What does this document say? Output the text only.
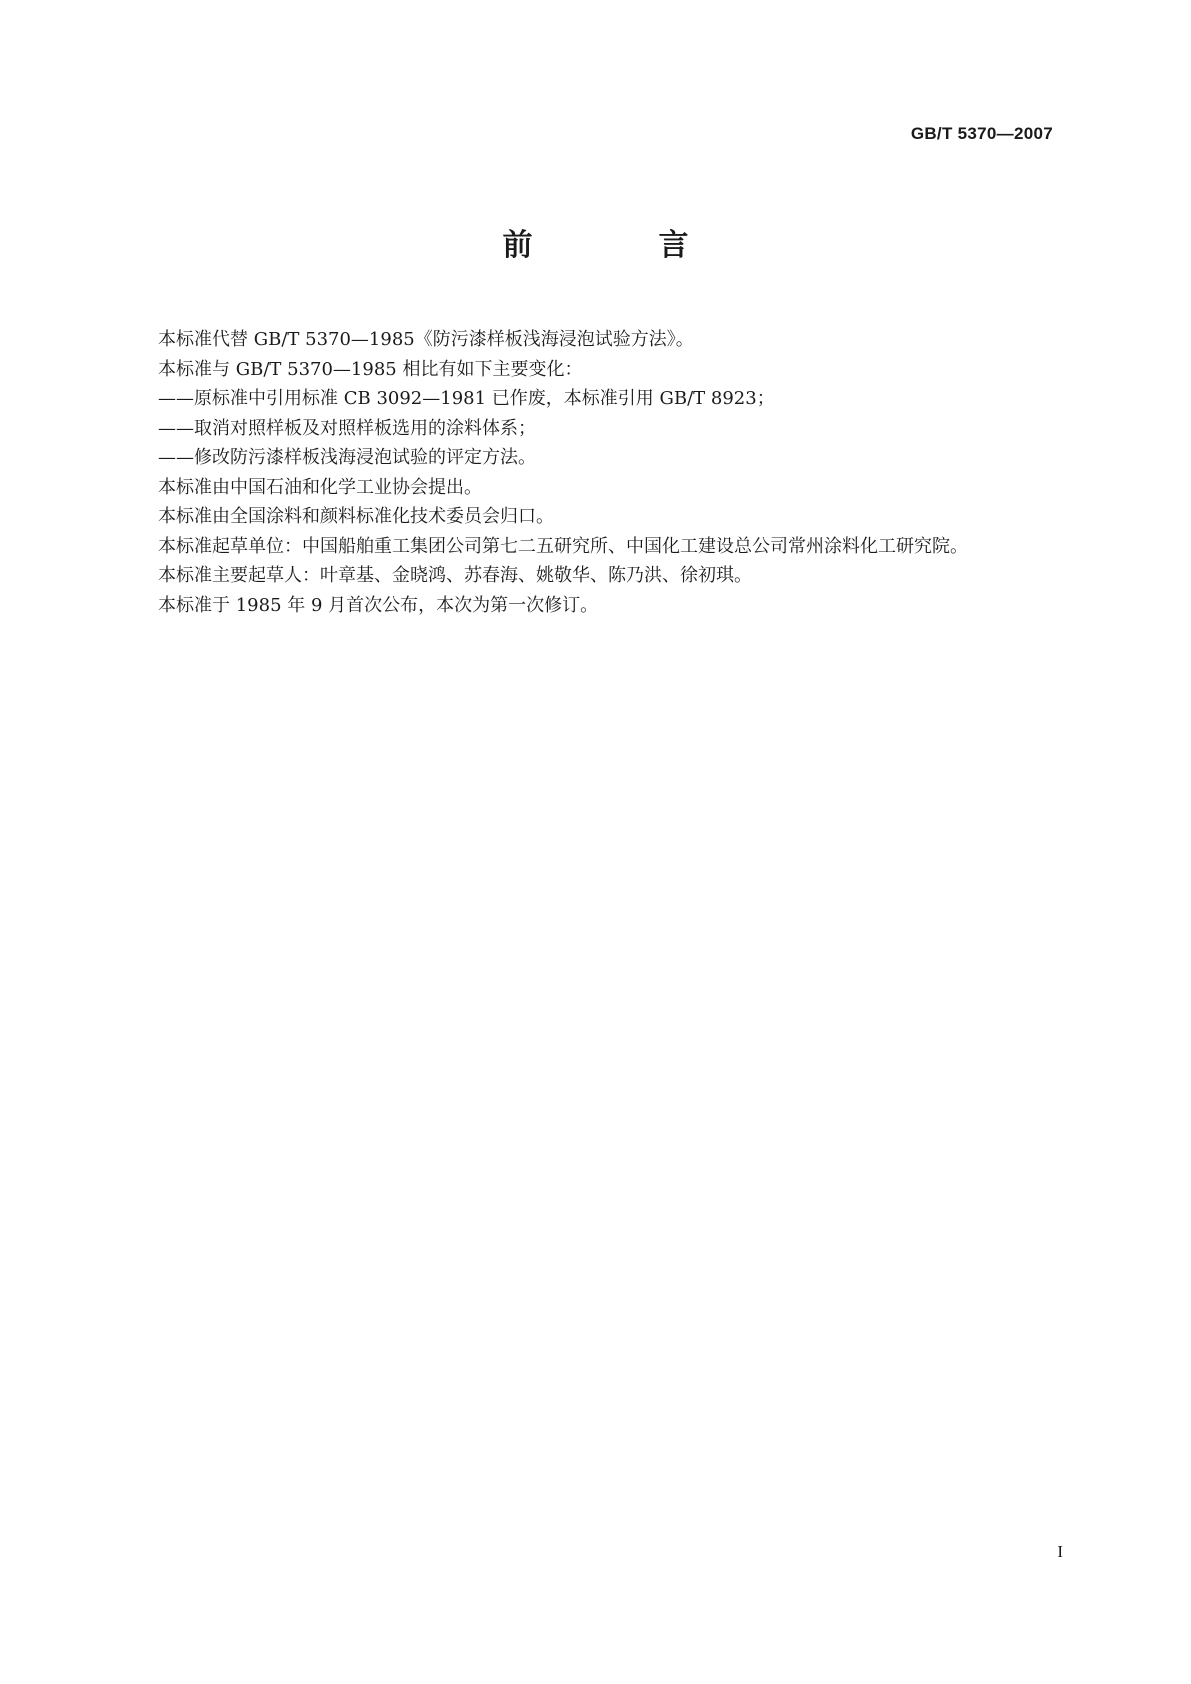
GB/T 5370—2007
前　言

本标准代替 GB/T 5370—1985《防污漆样板浅海浸泡试验方法》。

本标准与 GB/T 5370—1985 相比有如下主要变化：

——原标准中引用标准 CB 3092—1981 已作废，本标准引用 GB/T 8923；

——取消对照样板及对照样板选用的涂料体系；

——修改防污漆样板浅海浸泡试验的评定方法。

本标准由中国石油和化学工业协会提出。

本标准由全国涂料和颜料标准化技术委员会归口。

本标准起草单位：中国船舶重工集团公司第七二五研究所、中国化工建设总公司常州涂料化工研究院。

本标准主要起草人：叶章基、金晓鸿、苏春海、姚敬华、陈乃洪、徐初琪。

本标准于 1985 年 9 月首次公布，本次为第一次修订。

I
